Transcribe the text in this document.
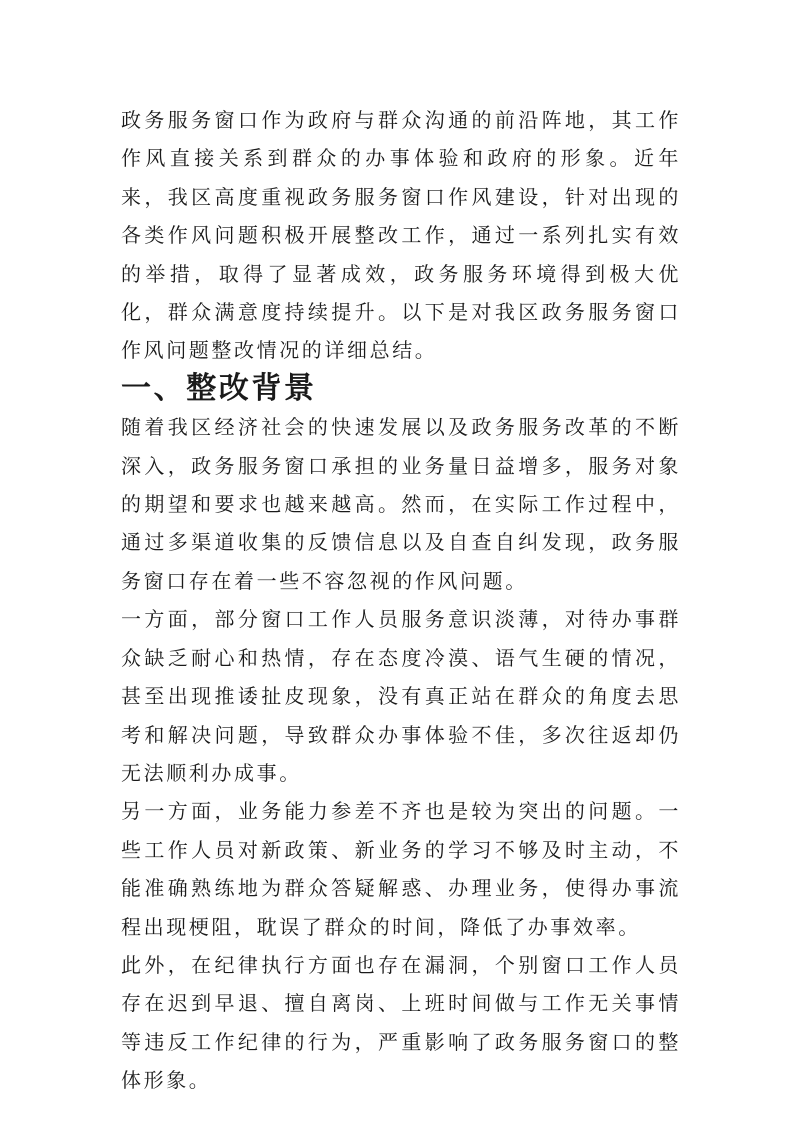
政务服务窗口作为政府与群众沟通的前沿阵地，其工作作风直接关系到群众的办事体验和政府的形象。近年来，我区高度重视政务服务窗口作风建设，针对出现的各类作风问题积极开展整改工作，通过一系列扎实有效的举措，取得了显著成效，政务服务环境得到极大优化，群众满意度持续提升。以下是对我区政务服务窗口作风问题整改情况的详细总结。

一、整改背景

随着我区经济社会的快速发展以及政务服务改革的不断深入，政务服务窗口承担的业务量日益增多，服务对象的期望和要求也越来越高。然而，在实际工作过程中，通过多渠道收集的反馈信息以及自查自纠发现，政务服务窗口存在着一些不容忽视的作风问题。

一方面，部分窗口工作人员服务意识淡薄，对待办事群众缺乏耐心和热情，存在态度冷漠、语气生硬的情况，甚至出现推诿扯皮现象，没有真正站在群众的角度去思考和解决问题，导致群众办事体验不佳，多次往返却仍无法顺利办成事。

另一方面，业务能力参差不齐也是较为突出的问题。一些工作人员对新政策、新业务的学习不够及时主动，不能准确熟练地为群众答疑解惑、办理业务，使得办事流程出现梗阻，耽误了群众的时间，降低了办事效率。

此外，在纪律执行方面也存在漏洞，个别窗口工作人员存在迟到早退、擅自离岗、上班时间做与工作无关事情等违反工作纪律的行为，严重影响了政务服务窗口的整体形象。
